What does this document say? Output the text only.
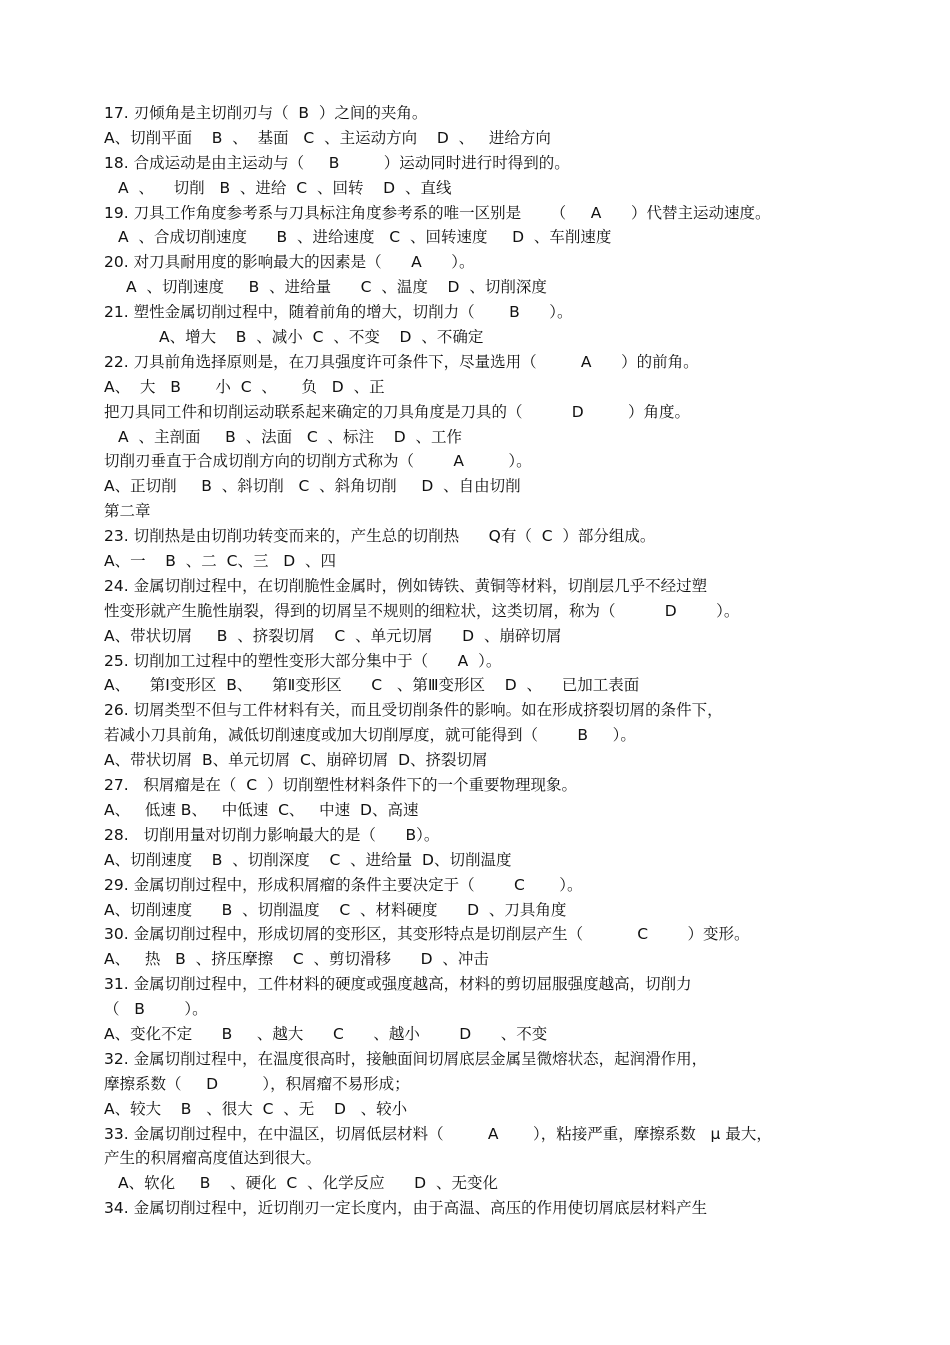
17. 刃倾角是主切削刃与（  B  ）之间的夹角。
A、切削平面    B  、  基面   C  、主运动方向    D  、   进给方向
18. 合成运动是由主运动与（     B         ）运动同时进行时得到的。
A  、    切削   B  、进给  C  、回转    D  、直线
19. 刀具工作角度参考系与刀具标注角度参考系的唯一区别是      （     A      ）代替主运动速度。
A  、合成切削速度      B  、进给速度   C  、回转速度     D  、车削速度
20. 对刀具耐用度的影响最大的因素是（      A      ）。
A  、切削速度     B  、进给量      C  、温度    D  、切削深度
21. 塑性金属切削过程中，随着前角的增大，切削力（       B      ）。
A、增大    B  、减小  C  、不变    D  、不确定
22. 刀具前角选择原则是，在刀具强度许可条件下，尽量选用（         A      ）的前角。
A、  大   B       小  C  、     负   D  、正
把刀具同工件和切削运动联系起来确定的刀具角度是刀具的（          D         ）角度。
A  、主剖面     B  、法面   C  、标注    D  、工作
切削刃垂直于合成切削方向的切削方式称为（        A         ）。
A、正切削     B  、斜切削   C  、斜角切削     D  、自由切削
第二章
23. 切削热是由切削功转变而来的，产生总的切削热      Q有（  C  ）部分组成。
A、一    B  、二  C、三   D  、四
24. 金属切削过程中，在切削脆性金属时，例如铸铁、黄铜等材料，切削层几乎不经过塑
性变形就产生脆性崩裂，得到的切屑呈不规则的细粒状，这类切屑，称为（          D        ）。
A、带状切屑     B  、挤裂切屑    C  、单元切屑      D  、崩碎切屑
25. 切削加工过程中的塑性变形大部分集中于（      A  ）。
A、    第Ⅰ变形区  B、    第Ⅱ变形区      C   、第Ⅲ变形区    D  、    已加工表面
26. 切屑类型不但与工件材料有关，而且受切削条件的影响。如在形成挤裂切屑的条件下，
若减小刀具前角，减低切削速度或加大切削厚度，就可能得到（        B     ）。
A、带状切屑  B、单元切屑  C、崩碎切屑  D、挤裂切屑
27.   积屑瘤是在（  C  ）切削塑性材料条件下的一个重要物理现象。
A、   低速 B、   中低速  C、   中速  D、高速
28.   切削用量对切削力影响最大的是（      B）。
A、切削速度    B  、切削深度    C  、进给量  D、切削温度
29. 金属切削过程中，形成积屑瘤的条件主要决定于（        C       ）。
A、切削速度      B  、切削温度    C  、材料硬度      D  、刀具角度
30. 金属切削过程中，形成切屑的变形区，其变形特点是切削层产生（           C        ）变形。
A、   热   B  、挤压摩擦    C  、剪切滑移      D  、冲击
31. 金属切削过程中，工件材料的硬度或强度越高，材料的剪切屈服强度越高，切削力
（   B        ）。
A、变化不定      B     、越大      C      、越小        D      、不变
32. 金属切削过程中，在温度很高时，接触面间切屑底层金属呈微熔状态，起润滑作用，
摩擦系数（     D         ），积屑瘤不易形成；
A、较大    B   、很大  C  、无    D   、较小
33. 金属切削过程中，在中温区，切屑低层材料（         A       ），粘接严重，摩擦系数   μ 最大，
产生的积屑瘤高度值达到很大。
A、软化     B    、硬化  C  、化学反应      D  、无变化
34. 金属切削过程中，近切削刃一定长度内，由于高温、高压的作用使切屑底层材料产生
